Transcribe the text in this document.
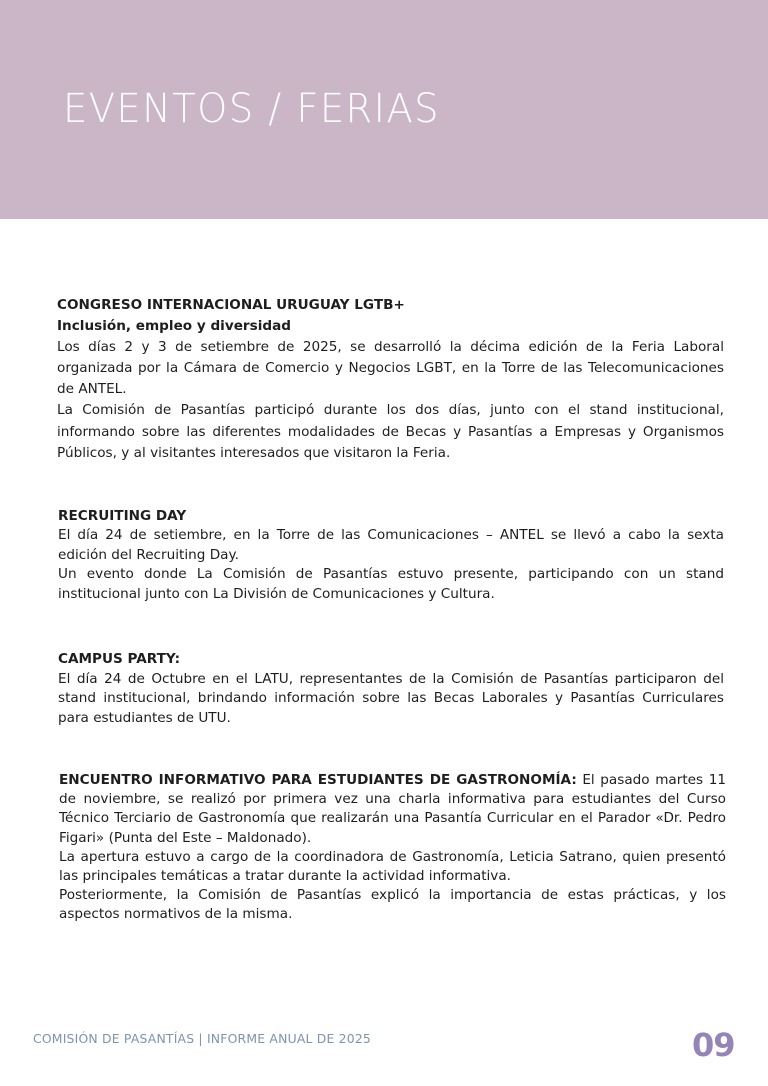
EVENTOS / FERIAS

CONGRESO INTERNACIONAL URUGUAY LGTB+

Inclusión, empleo y diversidad

Los días 2 y 3 de setiembre de 2025, se desarrolló la décima edición de la Feria Laboral organizada por la Cámara de Comercio y Negocios LGBT, en la Torre de las Telecomunicaciones de ANTEL.

La Comisión de Pasantías participó durante los dos días, junto con el stand institucional, informando sobre las diferentes modalidades de Becas y Pasantías a Empresas y Organismos Públicos, y al visitantes interesados que visitaron la Feria.

RECRUITING DAY

El día 24 de setiembre, en la Torre de las Comunicaciones – ANTEL se llevó a cabo la sexta edición del Recruiting Day.

Un evento donde La Comisión de Pasantías estuvo presente, participando con un stand institucional junto con La División de Comunicaciones y Cultura.

CAMPUS PARTY:

El día 24 de Octubre en el LATU, representantes de la Comisión de Pasantías participaron del stand institucional, brindando información sobre las Becas Laborales y Pasantías Curriculares para estudiantes de UTU.

ENCUENTRO INFORMATIVO PARA ESTUDIANTES DE GASTRONOMÍA: El pasado martes 11 de noviembre, se realizó por primera vez una charla informativa para estudiantes del Curso Técnico Terciario de Gastronomía que realizarán una Pasantía Curricular en el Parador «Dr. Pedro Figari» (Punta del Este – Maldonado).

La apertura estuvo a cargo de la coordinadora de Gastronomía, Leticia Satrano, quien presentó las principales temáticas a tratar durante la actividad informativa.

Posteriormente, la Comisión de Pasantías explicó la importancia de estas prácticas, y los aspectos normativos de la misma.

COMISIÓN DE PASANTÍAS | INFORME ANUAL DE 2025	09
